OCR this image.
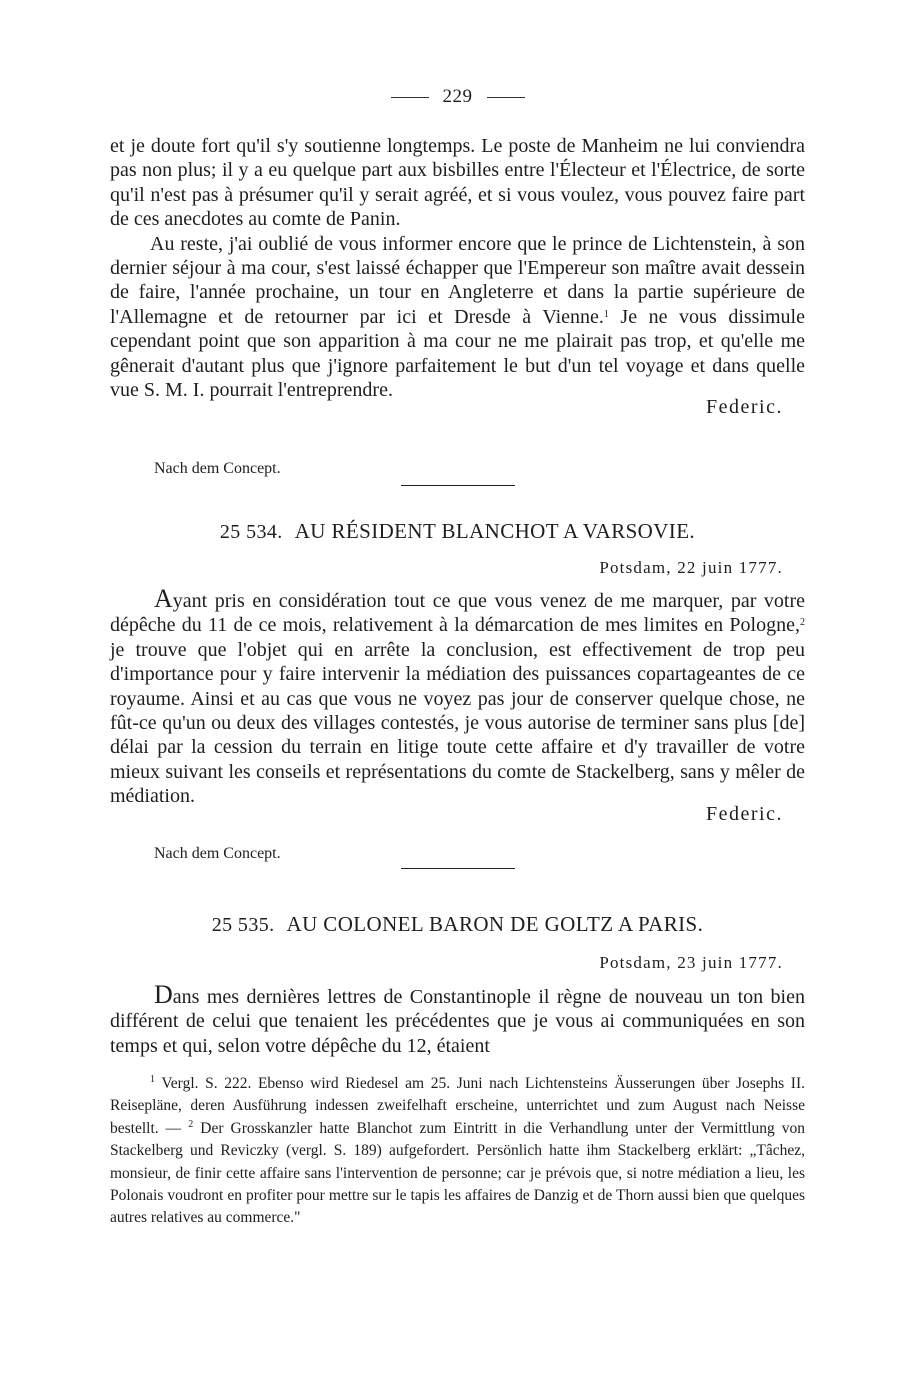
229

et je doute fort qu'il s'y soutienne longtemps. Le poste de Manheim ne lui conviendra pas non plus; il y a eu quelque part aux bisbilles entre l'Électeur et l'Électrice, de sorte qu'il n'est pas à présumer qu'il y serait agréé, et si vous voulez, vous pouvez faire part de ces anecdotes au comte de Panin.

Au reste, j'ai oublié de vous informer encore que le prince de Lichtenstein, à son dernier séjour à ma cour, s'est laissé échapper que l'Empereur son maître avait dessein de faire, l'année prochaine, un tour en Angleterre et dans la partie supérieure de l'Allemagne et de retourner par ici et Dresde à Vienne.$^1$ Je ne vous dissimule cependant point que son apparition à ma cour ne me plairait pas trop, et qu'elle me gênerait d'autant plus que j'ignore parfaitement le but d'un tel voyage et dans quelle vue S. M. I. pourrait l'entreprendre.

Federic.
Nach dem Concept.
25 534. AU RÉSIDENT BLANCHOT A VARSOVIE.
Potsdam, 22 juin 1777.

Ayant pris en considération tout ce que vous venez de me marquer, par votre dépêche du 11 de ce mois, relativement à la démarcation de mes limites en Pologne,$^2$ je trouve que l'objet qui en arrête la conclusion, est effectivement de trop peu d'importance pour y faire intervenir la médiation des puissances copartageantes de ce royaume. Ainsi et au cas que vous ne voyez pas jour de conserver quelque chose, ne fût-ce qu'un ou deux des villages contestés, je vous autorise de terminer sans plus [de] délai par la cession du terrain en litige toute cette affaire et d'y travailler de votre mieux suivant les conseils et représentations du comte de Stackelberg, sans y mêler de médiation.

Federic.
Nach dem Concept.
25 535. AU COLONEL BARON DE GOLTZ A PARIS.
Potsdam, 23 juin 1777.

Dans mes dernières lettres de Constantinople il règne de nouveau un ton bien différent de celui que tenaient les précédentes que je vous ai communiquées en son temps et qui, selon votre dépêche du 12, étaient

$^1$ Vergl. S. 222. Ebenso wird Riedesel am 25. Juni nach Lichtensteins Äusserungen über Josephs II. Reisepläne, deren Ausführung indessen zweifelhaft erscheine, unterrichtet und zum August nach Neisse bestellt. — $^2$ Der Grosskanzler hatte Blanchot zum Eintritt in die Verhandlung unter der Vermittlung von Stackelberg und Reviczky (vergl. S. 189) aufgefordert. Persönlich hatte ihm Stackelberg erklärt: „Tâchez, monsieur, de finir cette affaire sans l'intervention de personne; car je prévois que, si notre médiation a lieu, les Polonais voudront en profiter pour mettre sur le tapis les affaires de Danzig et de Thorn aussi bien que quelques autres relatives au commerce."
